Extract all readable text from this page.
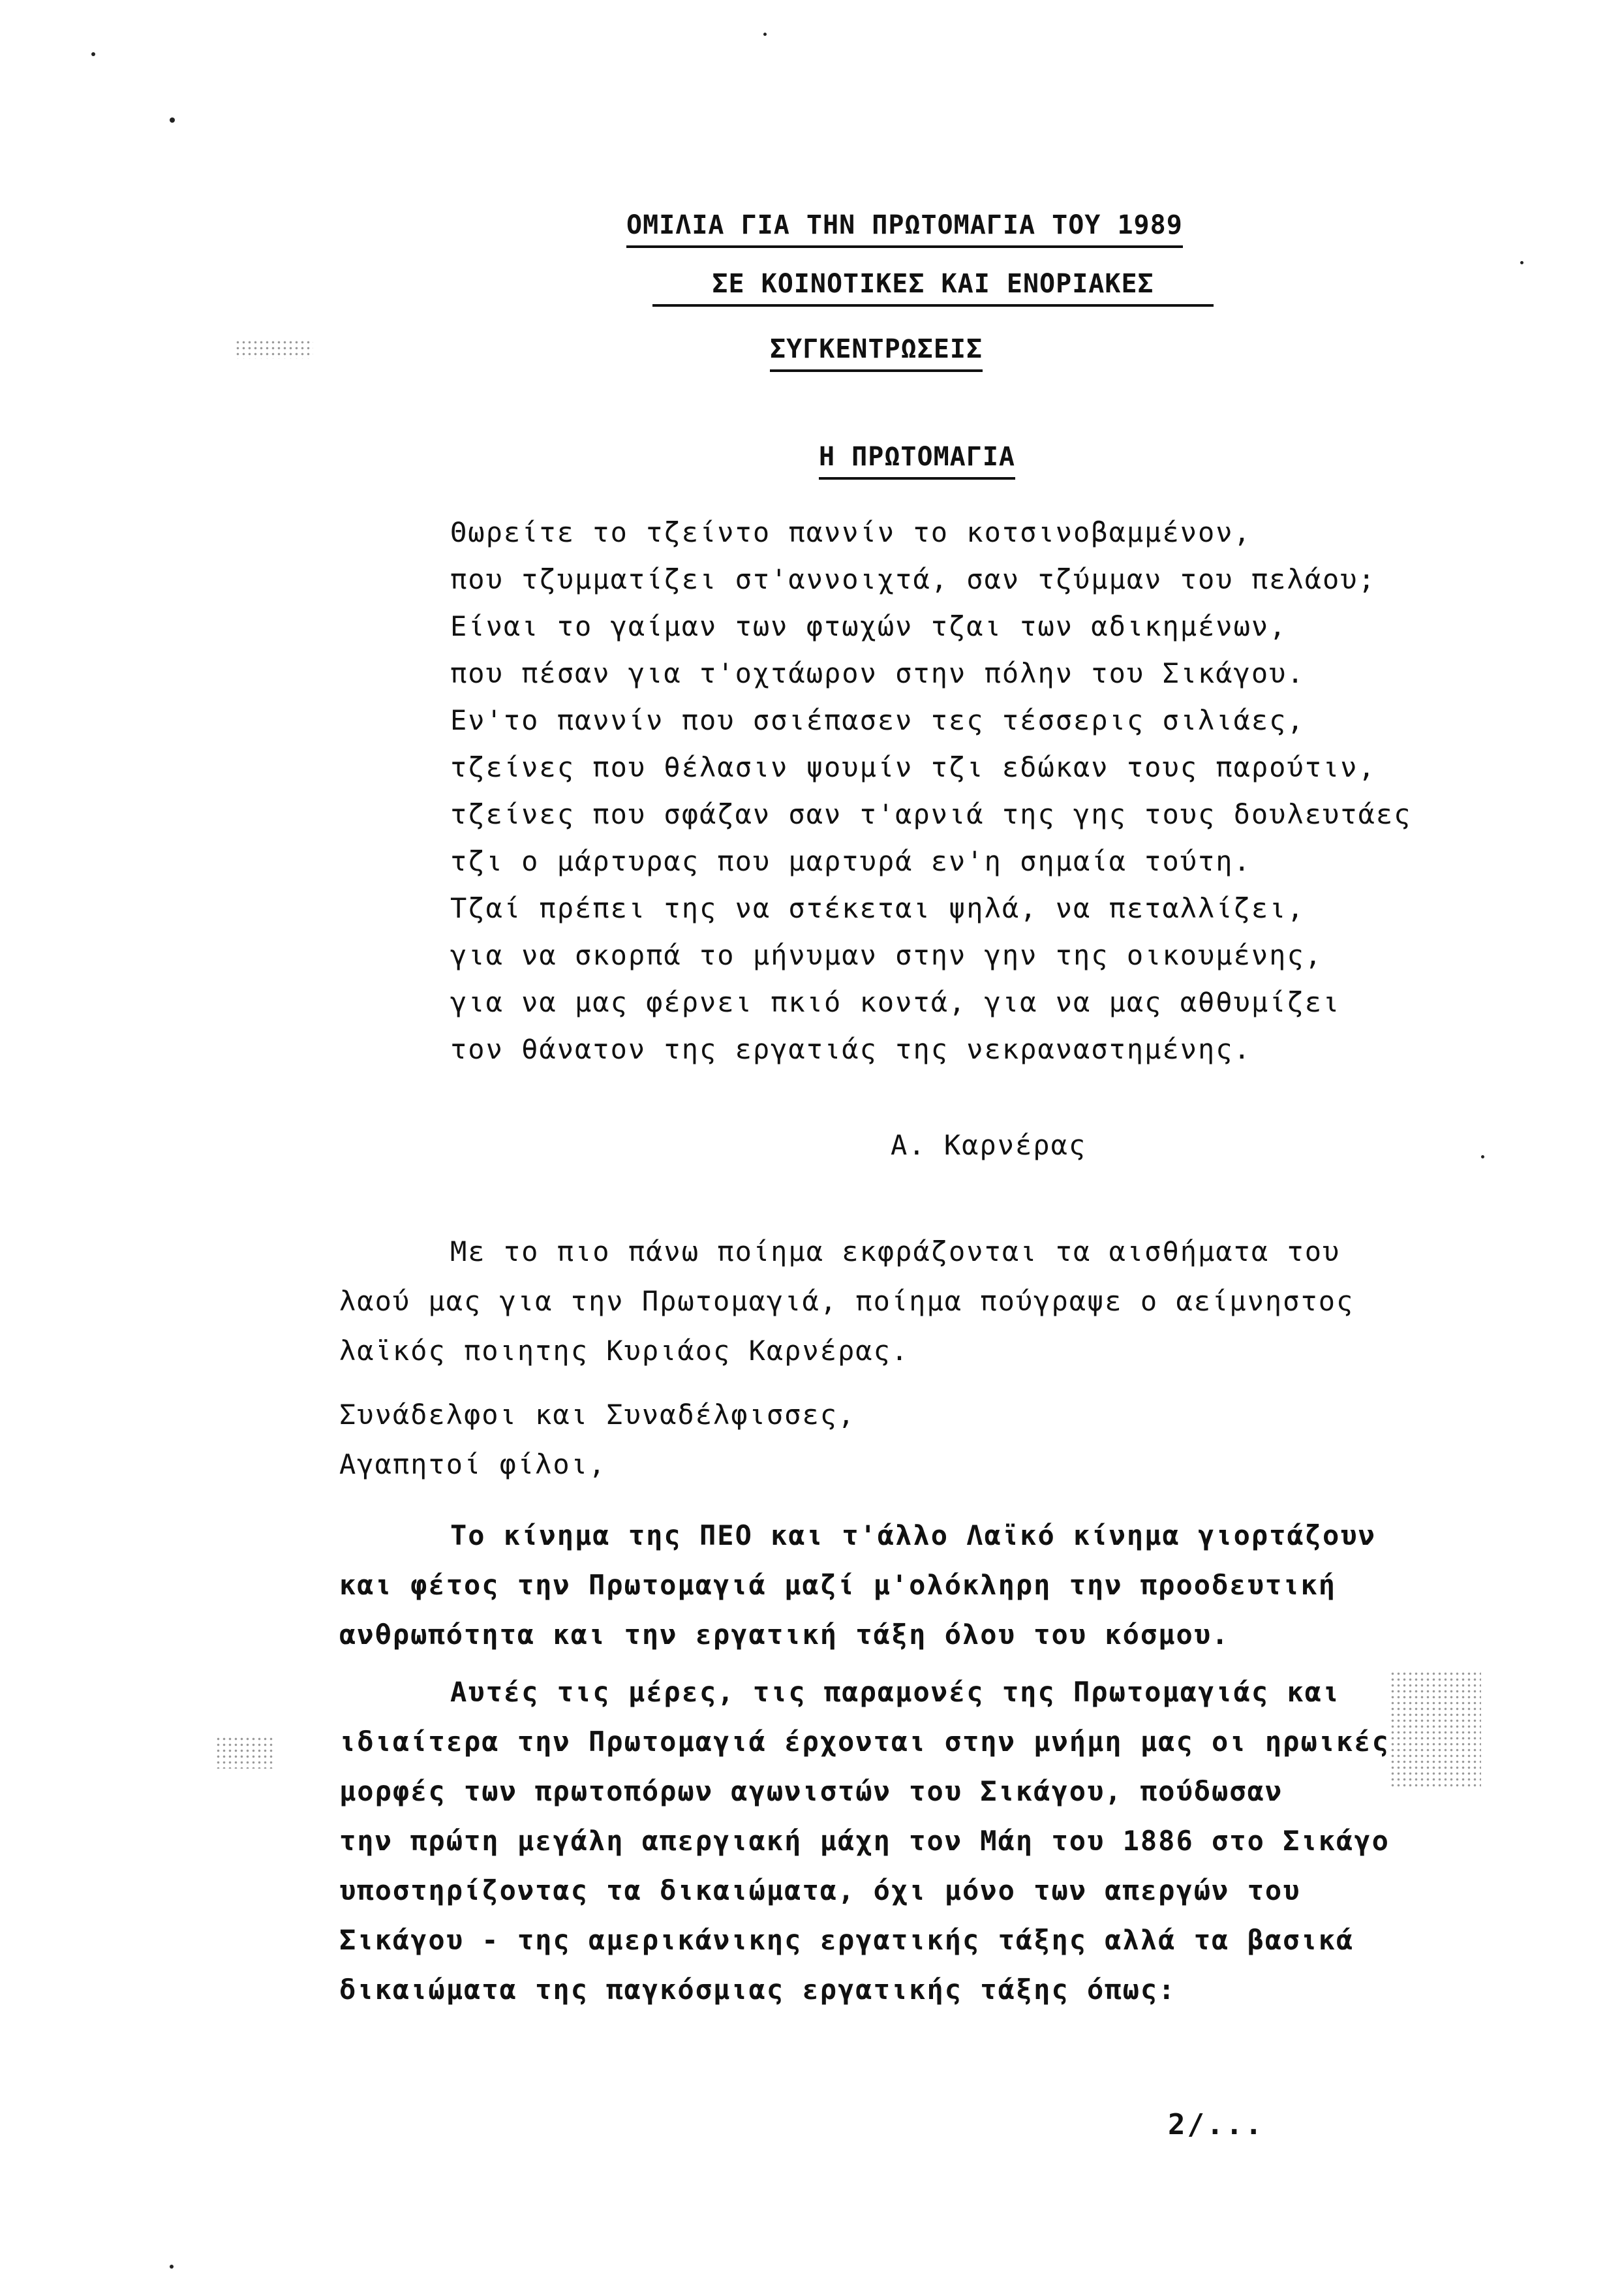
ΟΜΙΛΙΑ ΓΙΑ ΤΗΝ ΠΡΩΤΟΜΑΓΙΑ ΤΟΥ 1989
ΣΕ ΚΟΙΝΟΤΙΚΕΣ ΚΑΙ ΕΝΟΡΙΑΚΕΣ
ΣΥΓΚΕΝΤΡΩΣΕΙΣ
Η ΠΡΩΤΟΜΑΓΙΑ
Θωρείτε το τζείντο παννίν το κοτσινοβαμμένον,
που τζυμματίζει στ'αννοιχτά, σαν τζύμμαν του πελάου;
Είναι το γαίμαν των φτωχών τζαι των αδικημένων,
που πέσαν για τ'οχτάωρον στην πόλην του Σικάγου.
Εν'το παννίν που σσιέπασεν τες τέσσερις σιλιάες,
τζείνες που θέλασιν ψουμίν τζι εδώκαν τους παρούτιν,
τζείνες που σφάζαν σαν τ'αρνιά της γης τους δουλευτάες
τζι ο μάρτυρας που μαρτυρά εν'η σημαία τούτη.
Τζαί πρέπει της να στέκεται ψηλά, να πεταλλίζει,
για να σκορπά το μήνυμαν στην γην της οικουμένης,
για να μας φέρνει πκιό κοντά, για να μας αθθυμίζει
τον θάνατον της εργατιάς της νεκραναστημένης.
Α. Καρνέρας
Με το πιο πάνω ποίημα εκφράζονται τα αισθήματα του
λαού μας για την Πρωτομαγιά, ποίημα πούγραψε ο αείμνηστος
λαϊκός ποιητης Κυριάος Καρνέρας.
Συνάδελφοι και Συναδέλφισσες,
Αγαπητοί φίλοι,
Το κίνημα της ΠΕΟ και τ'άλλο Λαϊκό κίνημα γιορτάζουν
και φέτος την Πρωτομαγιά μαζί μ'ολόκληρη την προοδευτική
ανθρωπότητα και την εργατική τάξη όλου του κόσμου.
Αυτές τις μέρες, τις παραμονές της Πρωτομαγιάς και
ιδιαίτερα την Πρωτομαγιά έρχονται στην μνήμη μας οι ηρωικές
μορφές των πρωτοπόρων αγωνιστών του Σικάγου, πούδωσαν
την πρώτη μεγάλη απεργιακή μάχη τον Μάη του 1886 στο Σικάγο
υποστηρίζοντας τα δικαιώματα, όχι μόνο των απεργών του
Σικάγου - της αμερικάνικης εργατικής τάξης αλλά τα βασικά
δικαιώματα της παγκόσμιας εργατικής τάξης όπως:
2/...
